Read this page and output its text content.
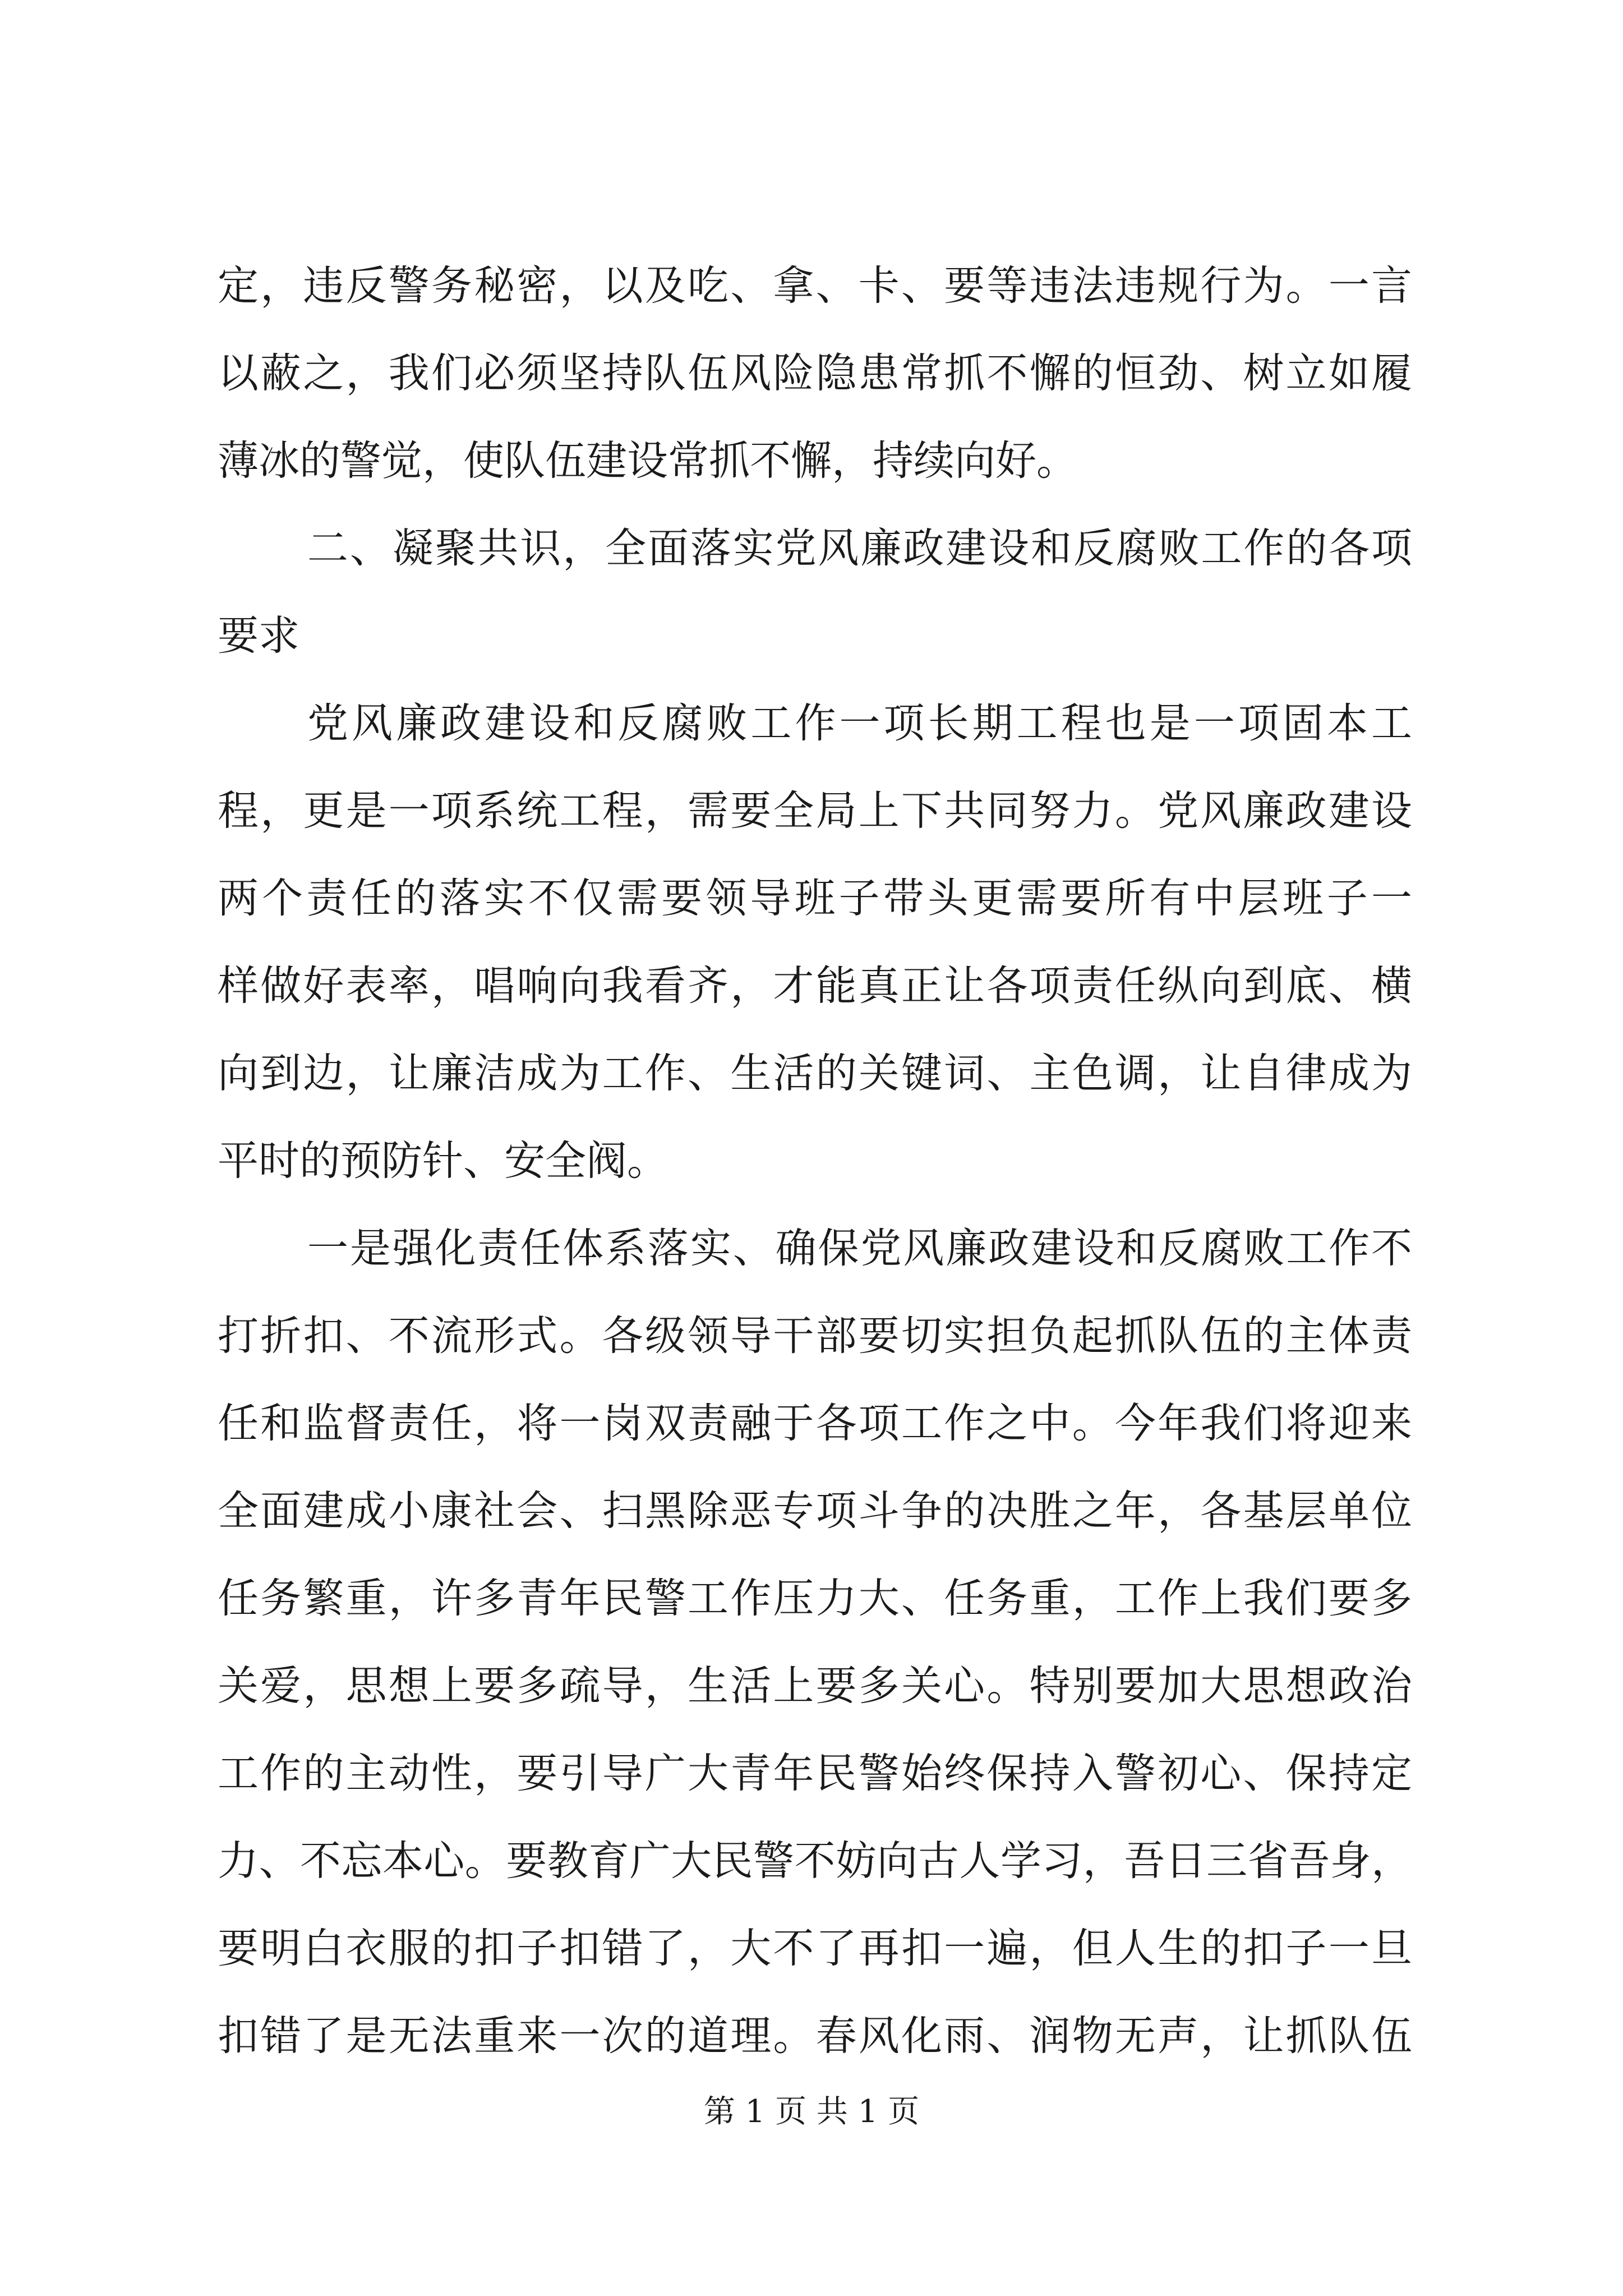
定，违反警务秘密，以及吃、拿、卡、要等违法违规行为。一言
以蔽之，我们必须坚持队伍风险隐患常抓不懈的恒劲、树立如履
薄冰的警觉，使队伍建设常抓不懈，持续向好。
二、凝聚共识，全面落实党风廉政建设和反腐败工作的各项
要求
党风廉政建设和反腐败工作一项长期工程也是一项固本工
程，更是一项系统工程，需要全局上下共同努力。党风廉政建设
两个责任的落实不仅需要领导班子带头更需要所有中层班子一
样做好表率，唱响向我看齐，才能真正让各项责任纵向到底、横
向到边，让廉洁成为工作、生活的关键词、主色调，让自律成为
平时的预防针、安全阀。
一是强化责任体系落实、确保党风廉政建设和反腐败工作不
打折扣、不流形式。各级领导干部要切实担负起抓队伍的主体责
任和监督责任，将一岗双责融于各项工作之中。今年我们将迎来
全面建成小康社会、扫黑除恶专项斗争的决胜之年，各基层单位
任务繁重，许多青年民警工作压力大、任务重，工作上我们要多
关爱，思想上要多疏导，生活上要多关心。特别要加大思想政治
工作的主动性，要引导广大青年民警始终保持入警初心、保持定
力、不忘本心。要教育广大民警不妨向古人学习，吾日三省吾身，
要明白衣服的扣子扣错了，大不了再扣一遍，但人生的扣子一旦
扣错了是无法重来一次的道理。春风化雨、润物无声，让抓队伍
第 1 页 共 1 页
